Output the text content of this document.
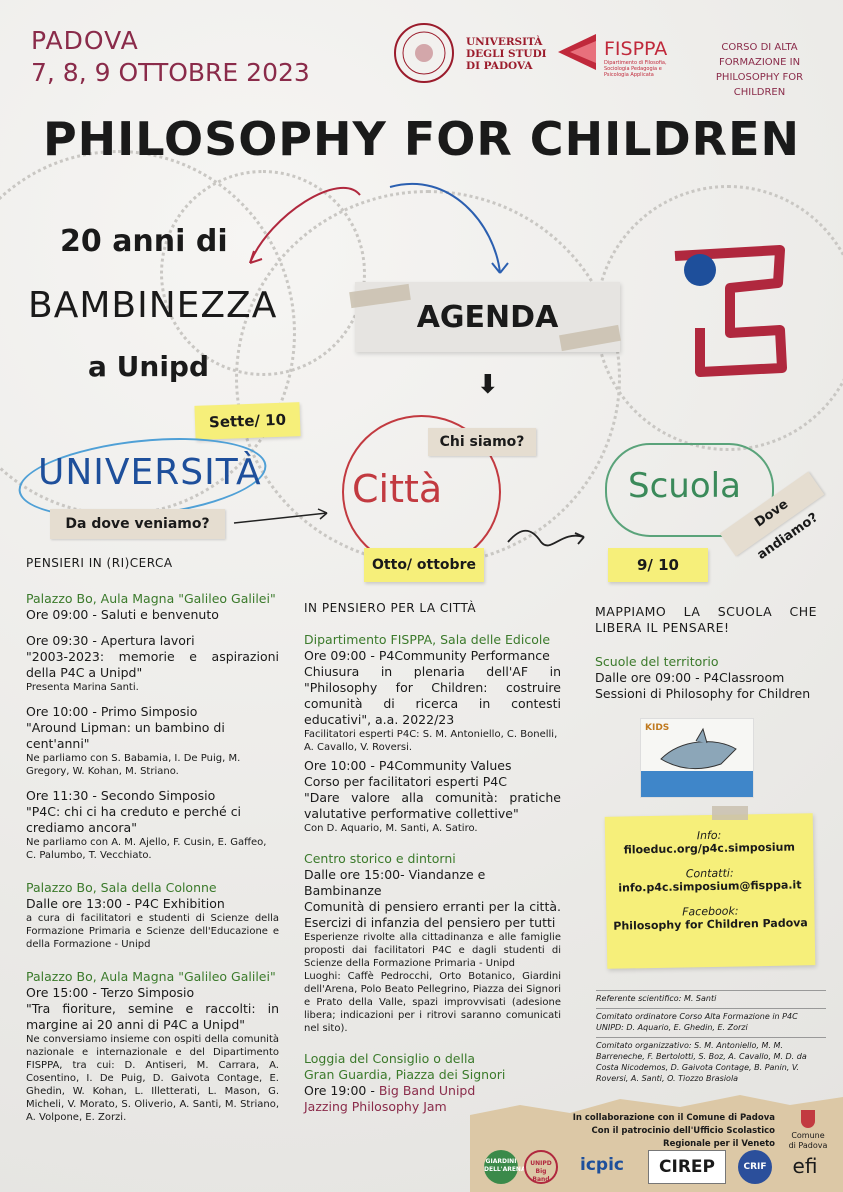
PADOVA
7, 8, 9 OTTOBRE 2023
UNIVERSITÀ
DEGLI STUDI
DI PADOVA
FISPPA
Dipartimento di Filosofia, Sociologia Pedagogia e Psicologia Applicata
CORSO DI ALTA FORMAZIONE IN
PHILOSOPHY FOR CHILDREN
PHILOSOPHY FOR CHILDREN
20 anni di
BAMBINEZZA
a Unipd
AGENDA
⬇
Sette/ 10
UNIVERSITÀ
Da dove veniamo?
Chi siamo?
Città
Otto/ ottobre
Scuola
Dove andiamo?
9/ 10
PENSIERI IN (RI)CERCA
Palazzo Bo, Aula Magna "Galileo Galilei"
Ore 09:00 - Saluti e benvenuto
Ore 09:30 - Apertura lavori
"2003-2023: memorie e aspirazioni della P4C a Unipd"
Presenta Marina Santi.
Ore 10:00 - Primo Simposio
"Around Lipman: un bambino di cent'anni"
Ne parliamo con S. Babamia, I. De Puig, M. Gregory, W. Kohan, M. Striano.
Ore 11:30 - Secondo Simposio
"P4C: chi ci ha creduto e perché ci crediamo ancora"
Ne parliamo con A. M. Ajello, F. Cusin, E. Gaffeo, C. Palumbo, T. Vecchiato.
Palazzo Bo, Sala della Colonne
Dalle ore 13:00 - P4C Exhibition
a cura di facilitatori e studenti di Scienze della Formazione Primaria e Scienze dell'Educazione e della Formazione - Unipd
Palazzo Bo, Aula Magna "Galileo Galilei"
Ore 15:00 - Terzo Simposio
"Tra fioriture, semine e raccolti: in margine ai 20 anni di P4C a Unipd"
Ne conversiamo insieme con ospiti della comunità nazionale e internazionale e del Dipartimento FISPPA, tra cui: D. Antiseri, M. Carrara, A. Cosentino, I. De Puig, D. Gaivota Contage, E. Ghedin, W. Kohan, L. Illetterati, L. Mason, G. Micheli, V. Morato, S. Oliverio, A. Santi, M. Striano, A. Volpone, E. Zorzi.
IN PENSIERO PER LA CITTÀ
Dipartimento FISPPA, Sala delle Edicole
Ore 09:00 - P4Community Performance
Chiusura in plenaria dell'AF in "Philosophy for Children: costruire comunità di ricerca in contesti educativi", a.a. 2022/23
Facilitatori esperti P4C: S. M. Antoniello, C. Bonelli, A. Cavallo, V. Roversi.
Ore 10:00 - P4Community Values
Corso per facilitatori esperti P4C
"Dare valore alla comunità: pratiche valutative performative collettive"
Con D. Aquario, M. Santi, A. Satiro.
Centro storico e dintorni
Dalle ore 15:00- Viandanze e Bambinanze
Comunità di pensiero erranti per la città. Esercizi di infanzia del pensiero per tutti
Esperienze rivolte alla cittadinanza e alle famiglie proposti dai facilitatori P4C e dagli studenti di Scienze della Formazione Primaria - Unipd
Luoghi: Caffè Pedrocchi, Orto Botanico, Giardini dell'Arena, Polo Beato Pellegrino, Piazza dei Signori e Prato della Valle, spazi improvvisati (adesione libera; indicazioni per i ritrovi saranno comunicati nel sito).
Loggia del Consiglio o della
Gran Guardia, Piazza dei Signori
Ore 19:00 - Big Band Unipd
Jazzing Philosophy Jam
MAPPIAMO LA SCUOLA CHE LIBERA IL PENSARE!
Scuole del territorio
Dalle ore 09:00 - P4Classroom
Sessioni di Philosophy for Children
KIDS
Info:
filoeduc.org/p4c.simposium
Contatti:
info.p4c.simposium@fisppa.it
Facebook:
Philosophy for Children Padova
Referente scientifico: M. Santi
Comitato ordinatore Corso Alta Formazione in P4C UNIPD: D. Aquario, E. Ghedin, E. Zorzi
Comitato organizzativo: S. M. Antoniello, M. M. Barreneche, F. Bertolotti, S. Boz, A. Cavallo, M. D. da Costa Nicodemos, D. Gaivota Contage, B. Panin, V. Roversi, A. Santi, O. Tiozzo Brasiola
In collaborazione con il Comune di Padova
Con il patrocinio dell'Ufficio Scolastico Regionale per il Veneto
Comune
di Padova
GIARDINI DELL'ARENA
UNIPD Big Band
icpic	CIREP	CRIF	efi
